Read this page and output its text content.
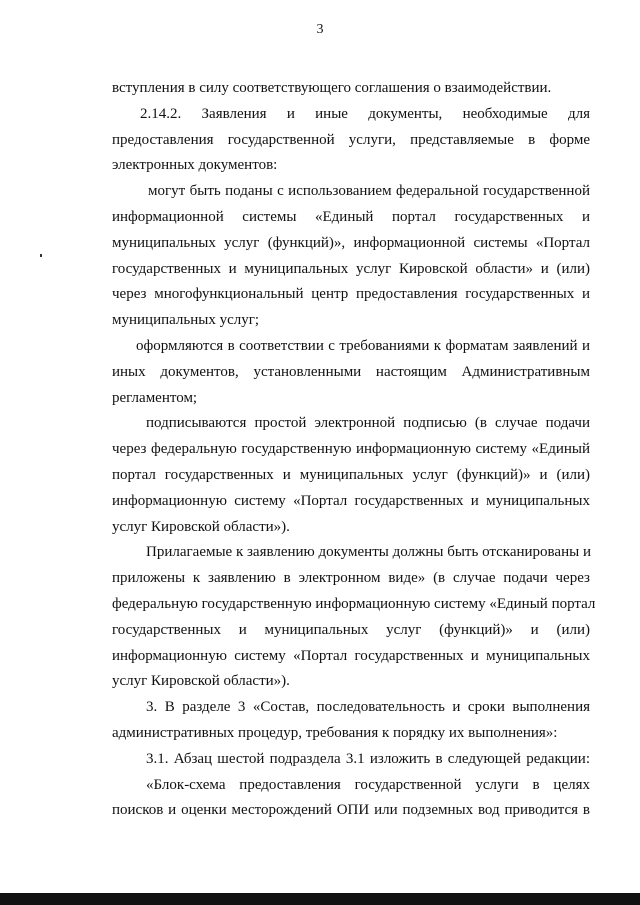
3
вступления в силу соответствующего соглашения о взаимодействии.
2.14.2. Заявления и иные документы, необходимые для
предоставления государственной услуги, представляемые в форме
электронных документов:
могут быть поданы с использованием федеральной государственной
информационной системы «Единый портал государственных и
муниципальных услуг (функций)», информационной системы «Портал
государственных и муниципальных услуг Кировской области» и (или)
через многофункциональный центр предоставления государственных и
муниципальных услуг;
оформляются в соответствии с требованиями к форматам заявлений и
иных документов, установленными настоящим Административным
регламентом;
подписываются простой электронной подписью (в случае подачи
через федеральную государственную информационную систему «Единый
портал государственных и муниципальных услуг (функций)» и (или)
информационную систему «Портал государственных и муниципальных
услуг Кировской области»).
Прилагаемые к заявлению документы должны быть отсканированы и
приложены к заявлению в электронном виде» (в случае подачи через
федеральную государственную информационную систему «Единый портал
государственных и муниципальных услуг (функций)» и (или)
информационную систему «Портал государственных и муниципальных
услуг Кировской области»).
3. В разделе 3 «Состав, последовательность и сроки выполнения
административных процедур, требования к порядку их выполнения»:
3.1. Абзац шестой подраздела 3.1 изложить в следующей редакции:
«Блок-схема предоставления государственной услуги в целях
поисков и оценки месторождений ОПИ или подземных вод приводится в
